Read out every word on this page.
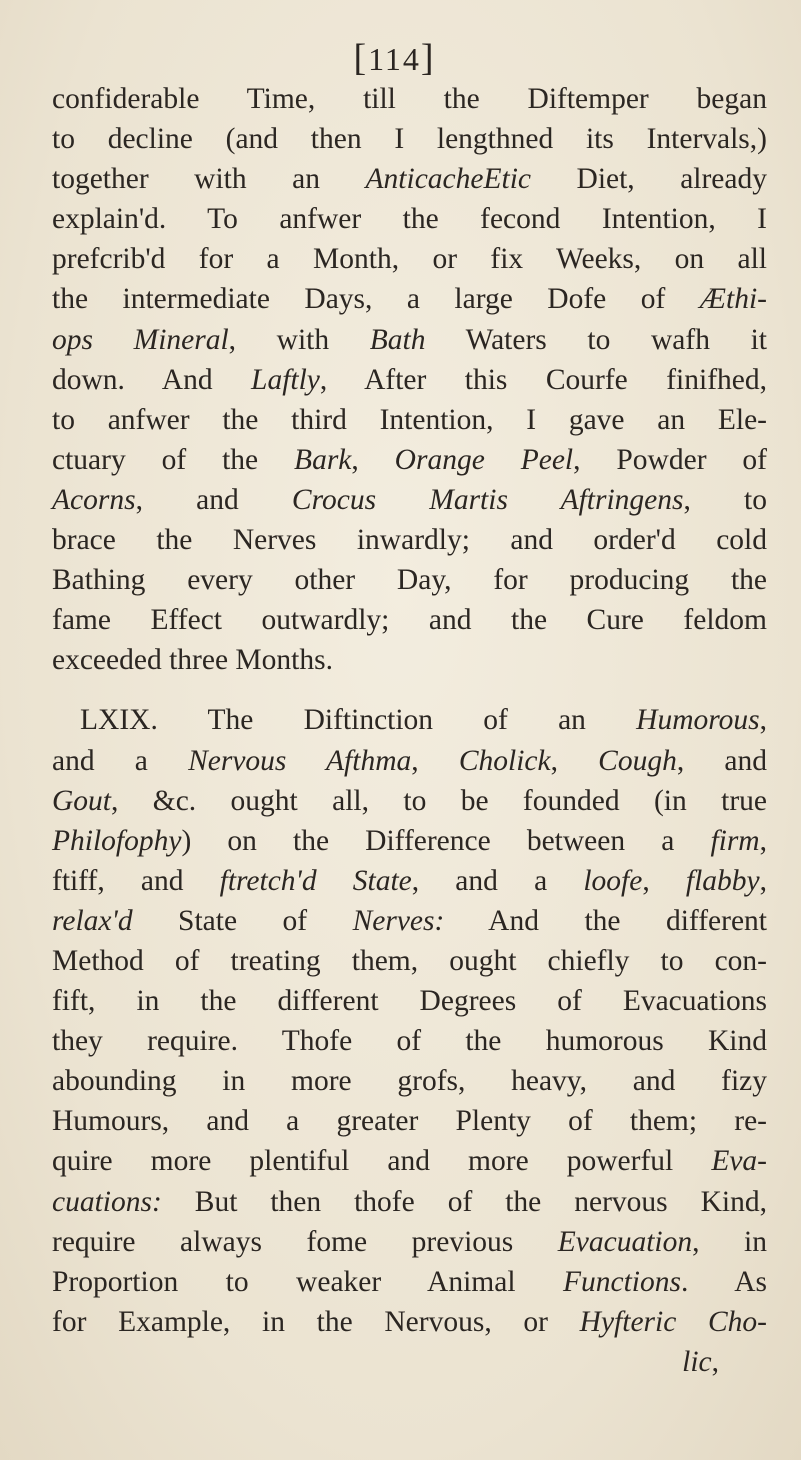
[114]
confiderable Time, till the Diftemper began
to decline (and then I lengthned its Intervals,)
together with an AnticacheEtic Diet, already
explain'd. To anfwer the fecond Intention, I
prefcrib'd for a Month, or fix Weeks, on all
the intermediate Days, a large Dofe of Æthi-
ops Mineral, with Bath Waters to wafh it
down. And Laftly, After this Courfe finifhed,
to anfwer the third Intention, I gave an Ele-
ctuary of the Bark, Orange Peel, Powder of
Acorns, and Crocus Martis Aftringens, to
brace the Nerves inwardly; and order'd cold
Bathing every other Day, for producing the
fame Effect outwardly; and the Cure feldom
exceeded three Months.
LXIX. The Diftinction of an Humorous,
and a Nervous Afthma, Cholick, Cough, and
Gout, &c. ought all, to be founded (in true
Philofophy) on the Difference between a firm,
ftiff, and ftretch'd State, and a loofe, flabby,
relax'd State of Nerves: And the different
Method of treating them, ought chiefly to con-
fift, in the different Degrees of Evacuations
they require. Thofe of the humorous Kind
abounding in more grofs, heavy, and fizy
Humours, and a greater Plenty of them; re-
quire more plentiful and more powerful Eva-
cuations: But then thofe of the nervous Kind,
require always fome previous Evacuation, in
Proportion to weaker Animal Functions. As
for Example, in the Nervous, or Hyfteric Cho-
lic,
